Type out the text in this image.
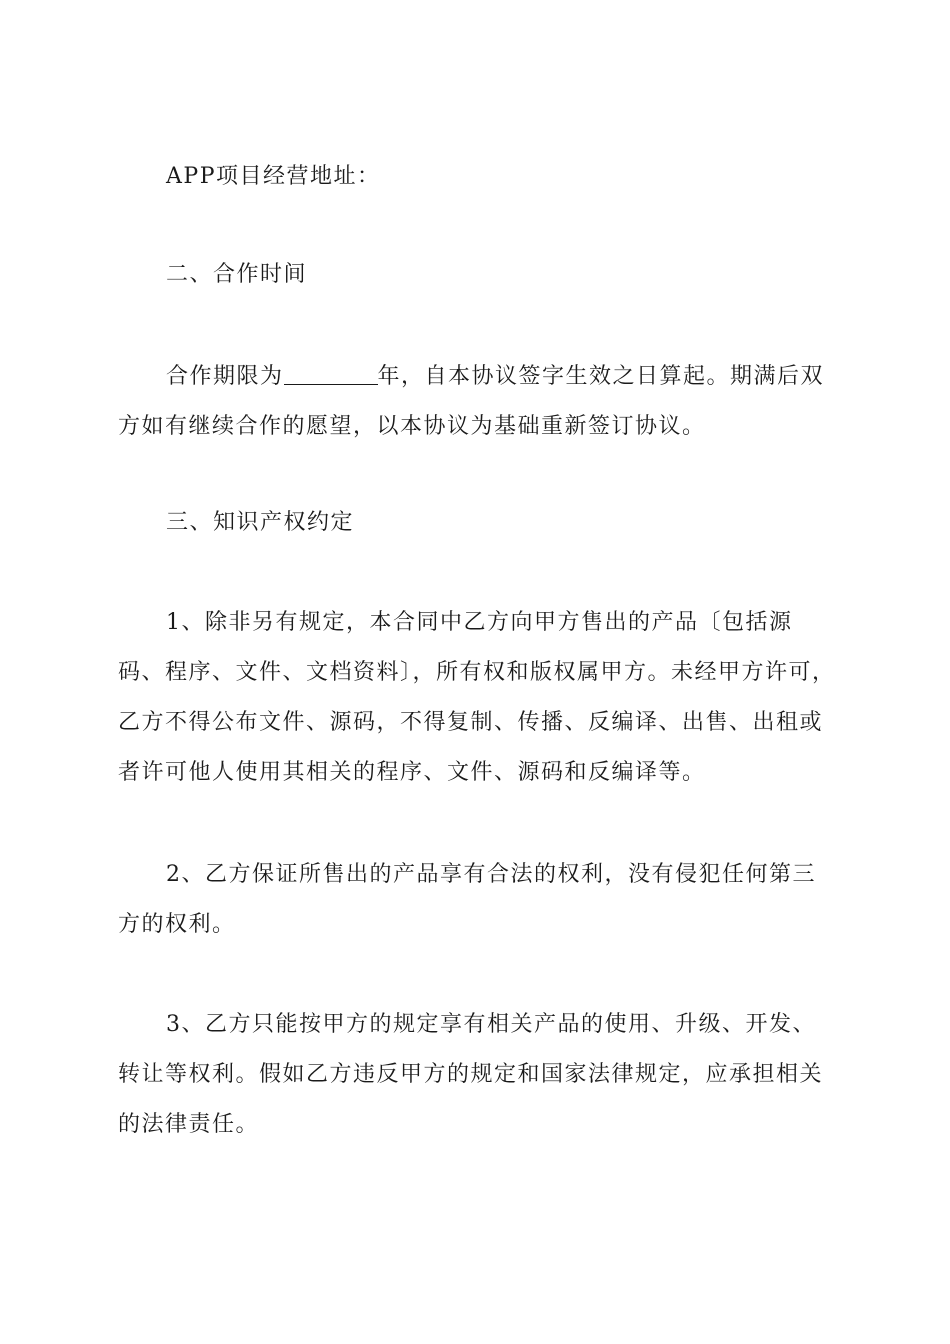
APP项目经营地址：

二、合作时间

合作期限为	年，自本协议签字生效之日算起。期满后双方如有继续合作的愿望，以本协议为基础重新签订协议。

三、知识产权约定

1、除非另有规定，本合同中乙方向甲方售出的产品〔包括源码、程序、文件、文档资料〕，所有权和版权属甲方。未经甲方许可，乙方不得公布文件、源码，不得复制、传播、反编译、出售、出租或者许可他人使用其相关的程序、文件、源码和反编译等。

2、乙方保证所售出的产品享有合法的权利，没有侵犯任何第三方的权利。

3、乙方只能按甲方的规定享有相关产品的使用、升级、开发、转让等权利。假如乙方违反甲方的规定和国家法律规定，应承担相关的法律责任。
